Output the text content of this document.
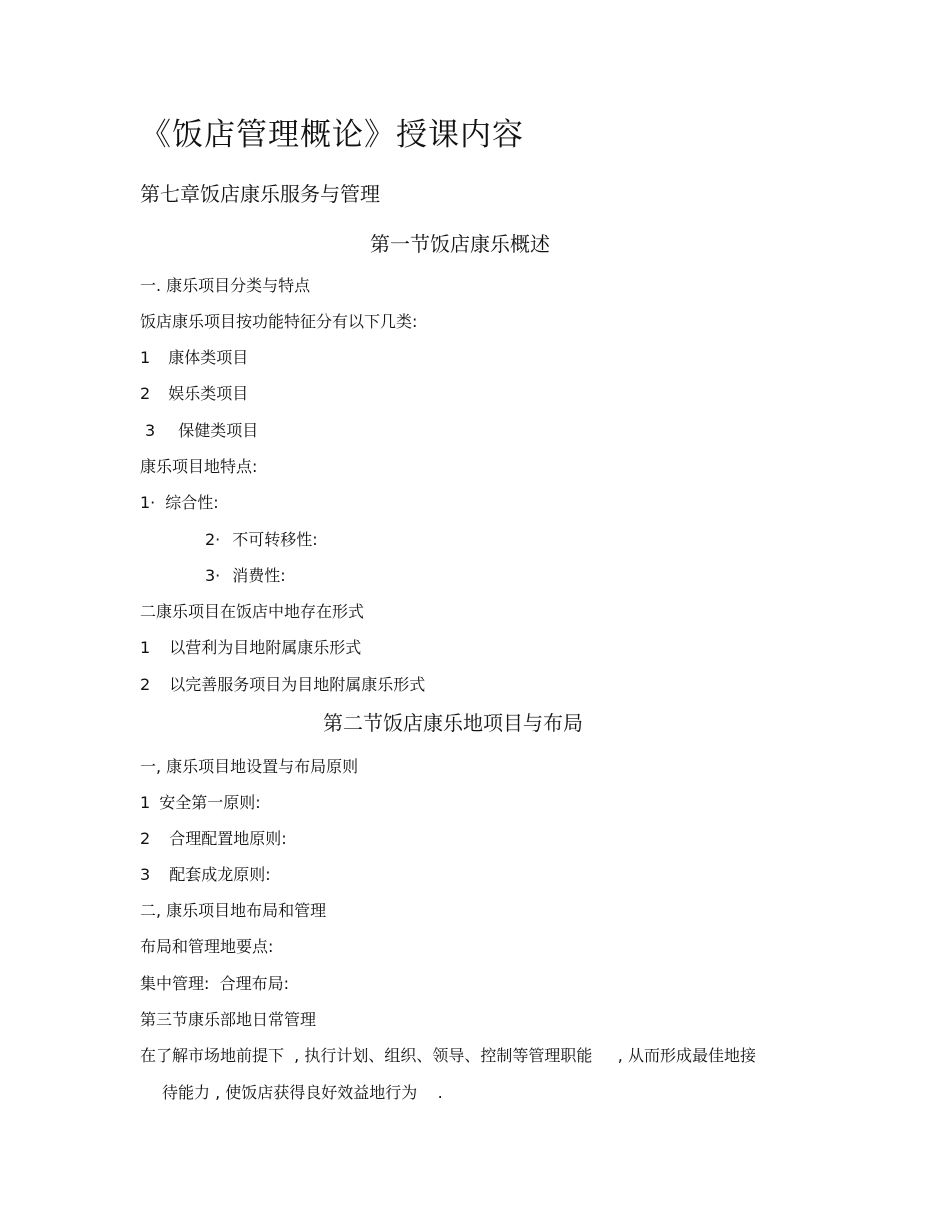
《饭店管理概论》授课内容
第七章饭店康乐服务与管理
第一节饭店康乐概述
一. 康乐项目分类与特点
饭店康乐项目按功能特征分有以下几类:
1 康体类项目
2 娱乐类项目
3 保健类项目
康乐项目地特点:
1· 综合性:
2· 不可转移性:
3· 消费性:
二康乐项目在饭店中地存在形式
1 以营利为目地附属康乐形式
2 以完善服务项目为目地附属康乐形式
第二节饭店康乐地项目与布局
一, 康乐项目地设置与布局原则
1 安全第一原则:
2 合理配置地原则:
3 配套成龙原则:
二, 康乐项目地布局和管理
布局和管理地要点:
集中管理:  合理布局:
第三节康乐部地日常管理
在了解市场地前提下  , 执行计划、组织、领导、控制等管理职能     , 从而形成最佳地接
待能力 , 使饭店获得良好效益地行为    .
